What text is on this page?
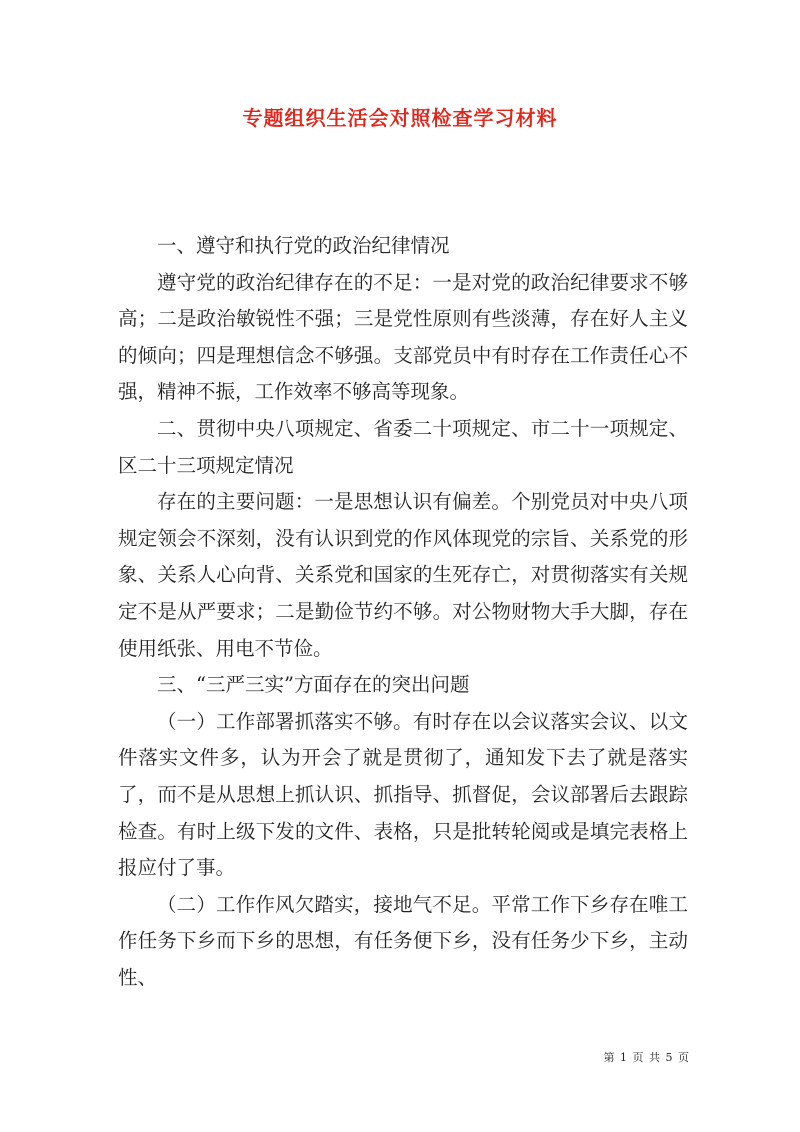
专题组织生活会对照检查学习材料

一、遵守和执行党的政治纪律情况

遵守党的政治纪律存在的不足：一是对党的政治纪律要求不够高；二是政治敏锐性不强；三是党性原则有些淡薄，存在好人主义的倾向；四是理想信念不够强。支部党员中有时存在工作责任心不强，精神不振，工作效率不够高等现象。

二、贯彻中央八项规定、省委二十项规定、市二十一项规定、区二十三项规定情况

存在的主要问题：一是思想认识有偏差。个别党员对中央八项规定领会不深刻，没有认识到党的作风体现党的宗旨、关系党的形象、关系人心向背、关系党和国家的生死存亡，对贯彻落实有关规定不是从严要求；二是勤俭节约不够。对公物财物大手大脚，存在使用纸张、用电不节俭。

三、“三严三实”方面存在的突出问题

（一）工作部署抓落实不够。有时存在以会议落实会议、以文件落实文件多，认为开会了就是贯彻了，通知发下去了就是落实了，而不是从思想上抓认识、抓指导、抓督促，会议部署后去跟踪检查。有时上级下发的文件、表格，只是批转轮阅或是填完表格上报应付了事。

（二）工作作风欠踏实，接地气不足。平常工作下乡存在唯工作任务下乡而下乡的思想，有任务便下乡，没有任务少下乡，主动性、

第 1 页 共 5 页
